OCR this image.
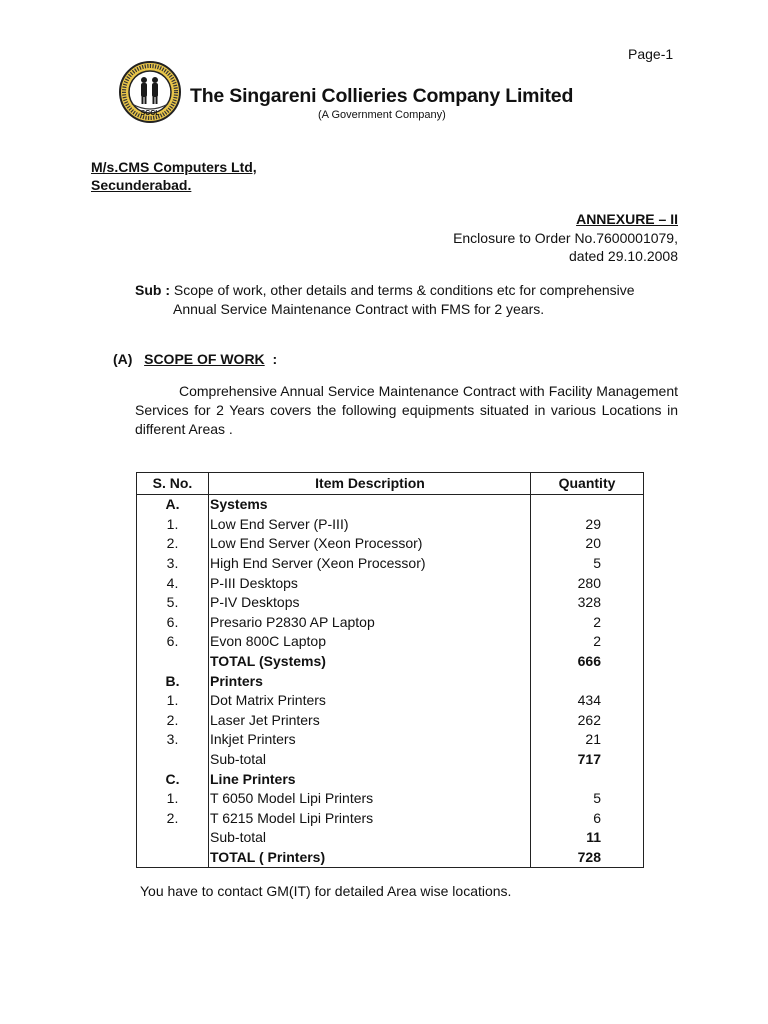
Page-1
SCCL
The Singareni Collieries Company Limited
(A Government Company)
M/s.CMS Computers Ltd,
Secunderabad.
ANNEXURE – II
Enclosure to Order No.7600001079,
dated 29.10.2008
Sub : Scope of work, other details and terms & conditions etc for comprehensive
Annual Service Maintenance Contract with FMS for 2 years.
(A) SCOPE OF WORK :
Comprehensive Annual Service Maintenance Contract with Facility Management Services for 2 Years covers the following equipments situated in various Locations in different Areas .
S. No.	Item Description	Quantity
A.	Systems	
1.	Low End Server (P-III)	29
2.	Low End Server (Xeon Processor)	20
3.	High End Server (Xeon Processor)	5
4.	P-III Desktops	280
5.	P-IV Desktops	328
6.	Presario P2830 AP Laptop	2
6.	Evon 800C Laptop	2
	TOTAL (Systems)	666
B.	Printers	
1.	Dot Matrix Printers	434
2.	Laser Jet Printers	262
3.	Inkjet Printers	21
	Sub-total	717
C.	Line Printers	
1.	T 6050 Model Lipi Printers	5
2.	T 6215 Model Lipi Printers	6
	Sub-total	11
	TOTAL ( Printers)	728
You have to contact GM(IT) for detailed Area wise locations.
